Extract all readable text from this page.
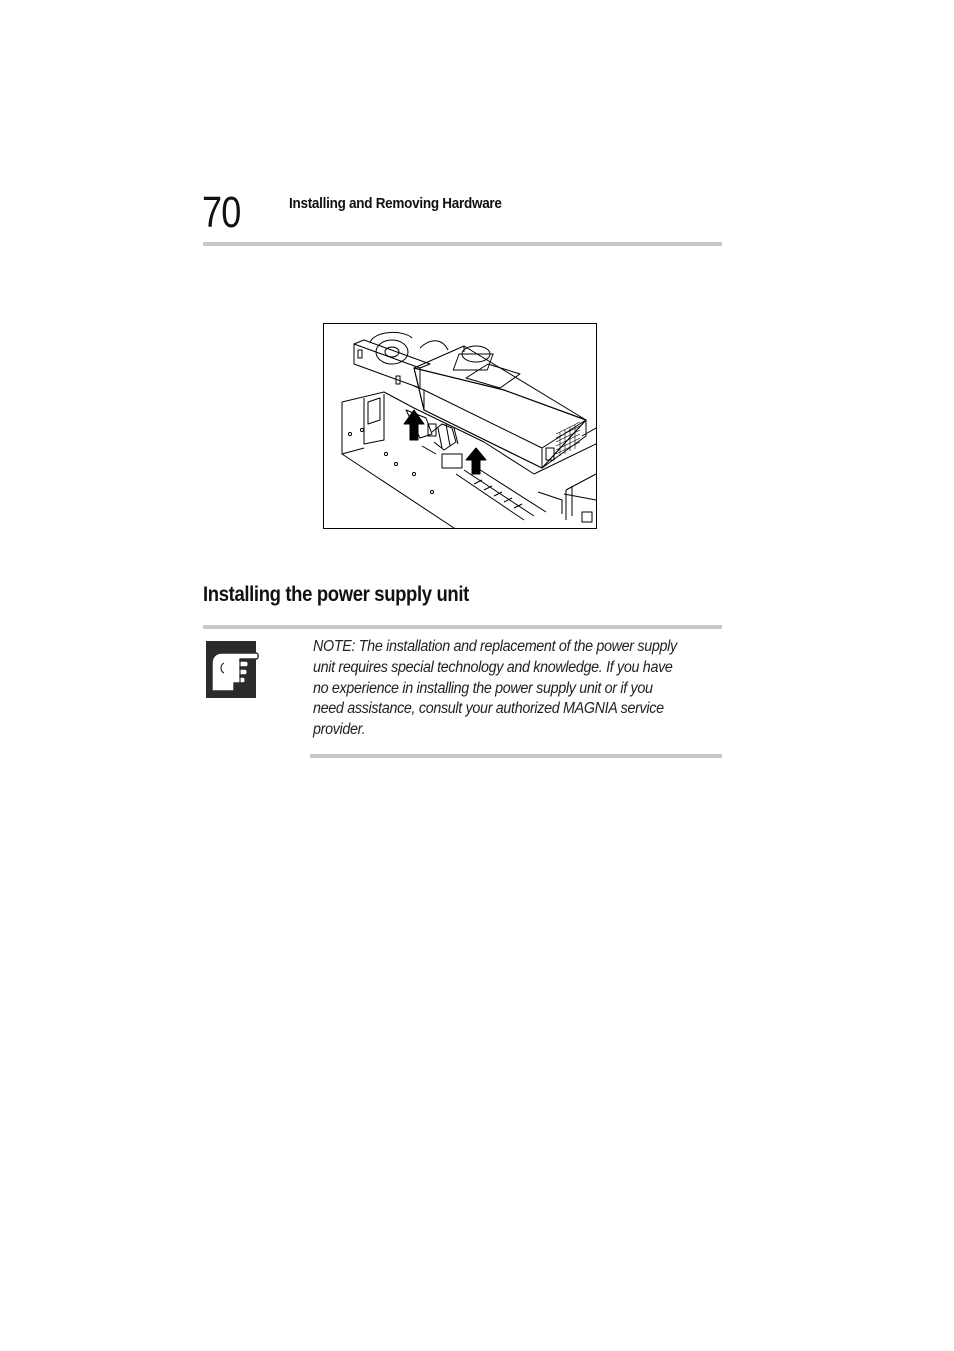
70	Installing and Removing Hardware
Installing the power supply unit
NOTE: The installation and replacement of the power supply unit requires special technology and knowledge. If you have no experience in installing the power supply unit or if you need assistance, consult your authorized MAGNIA service provider.
